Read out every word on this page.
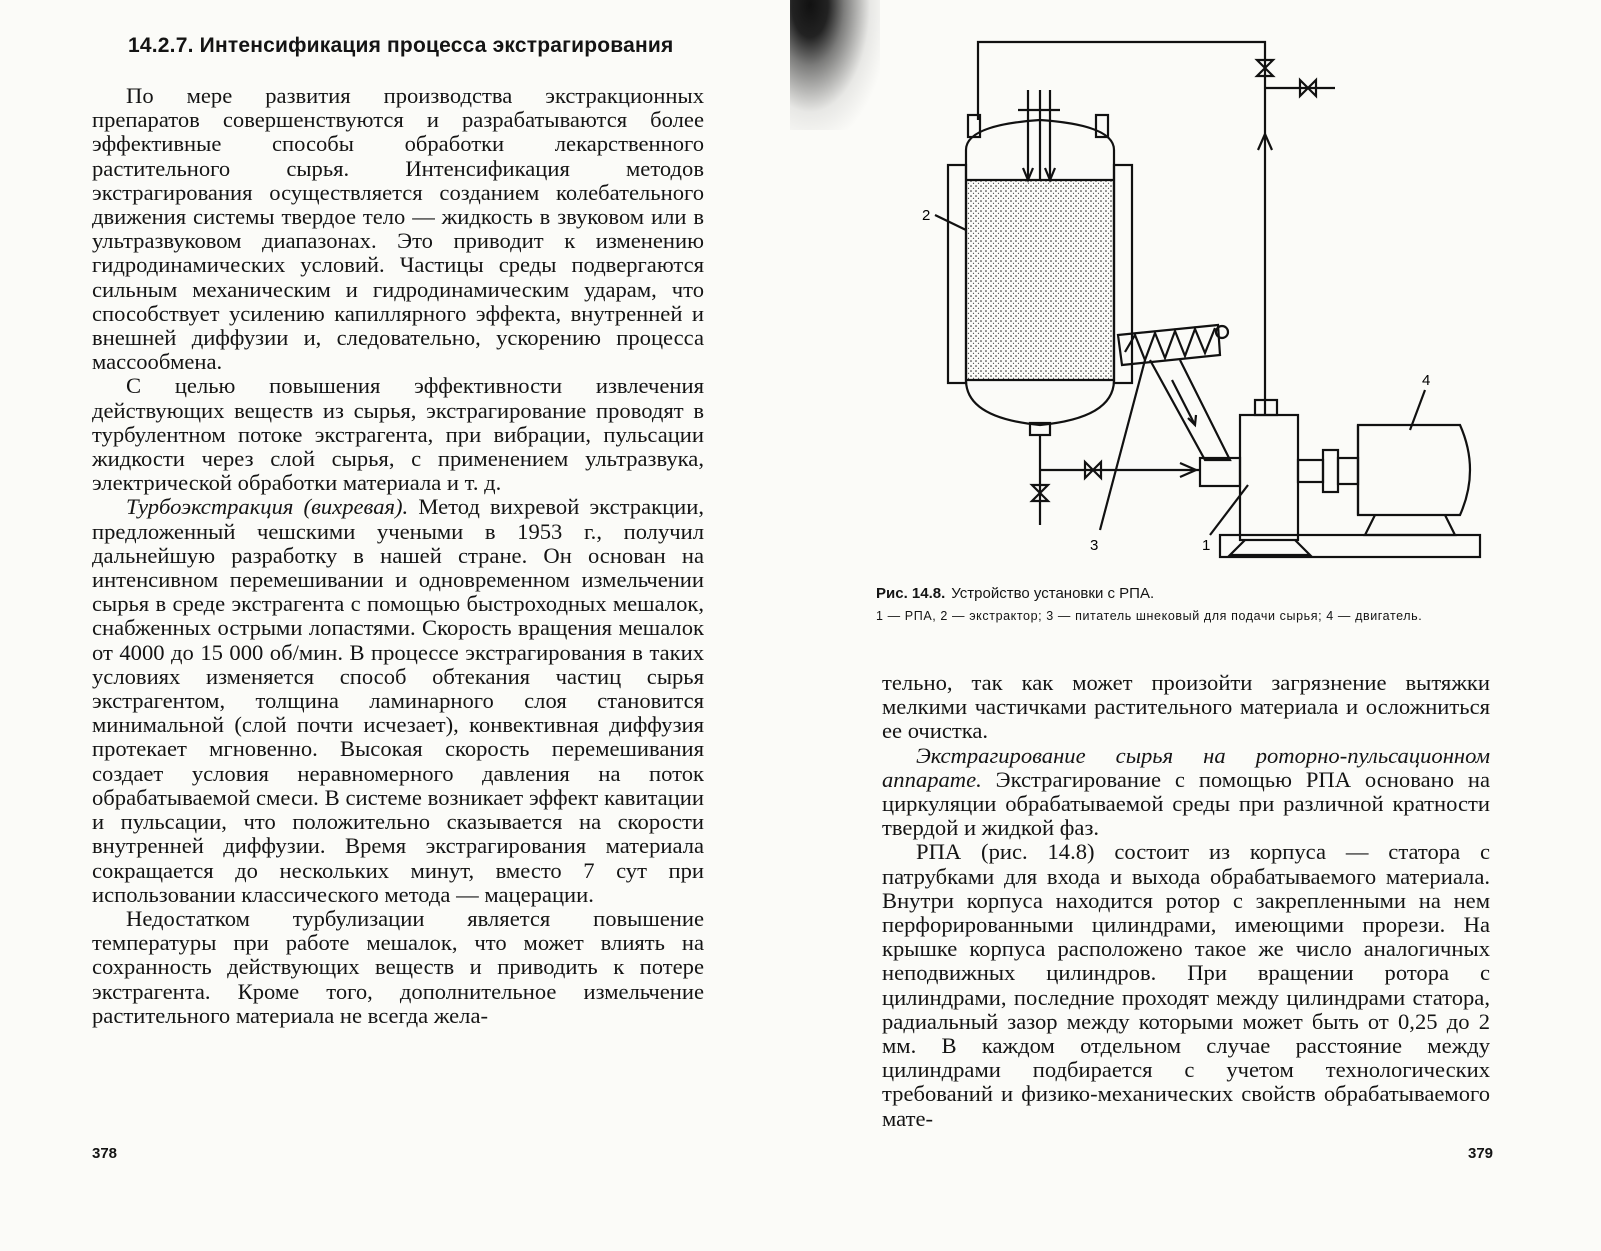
14.2.7. Интенсификация процесса экстрагирования

По мере развития производства экстракционных препаратов совершенствуются и разрабатываются более эффективные способы обработки лекарственного растительного сырья. Интенсификация методов экстрагирования осуществляется созданием колебательного движения системы твердое тело — жидкость в звуковом или в ультразвуковом диапазонах. Это приводит к изменению гидродинамических условий. Частицы среды подвергаются сильным механическим и гидродинамическим ударам, что способствует усилению капиллярного эффекта, внутренней и внешней диффузии и, следовательно, ускорению процесса массообмена.

С целью повышения эффективности извлечения действующих веществ из сырья, экстрагирование проводят в турбулентном потоке экстрагента, при вибрации, пульсации жидкости через слой сырья, с применением ультразвука, электрической обработки материала и т. д.

Турбоэкстракция (вихревая). Метод вихревой экстракции, предложенный чешскими учеными в 1953 г., получил дальнейшую разработку в нашей стране. Он основан на интенсивном перемешивании и одновременном измельчении сырья в среде экстрагента с помощью быстроходных мешалок, снабженных острыми лопастями. Скорость вращения мешалок от 4000 до 15 000 об/мин. В процессе экстрагирования в таких условиях изменяется способ обтекания частиц сырья экстрагентом, толщина ламинарного слоя становится минимальной (слой почти исчезает), конвективная диффузия протекает мгновенно. Высокая скорость перемешивания создает условия неравномерного давления на поток обрабатываемой смеси. В системе возникает эффект кавитации и пульсации, что положительно сказывается на скорости внутренней диффузии. Время экстрагирования материала сокращается до нескольких минут, вместо 7 сут при использовании классического метода — мацерации.

Недостатком турбулизации является повышение температуры при работе мешалок, что может влиять на сохранность действующих веществ и приводить к потере экстрагента. Кроме того, дополнительное измельчение растительного материала не всегда жела-

378
2
3	1
4
Рис. 14.8. Устройство установки с РПА.
1 — РПА, 2 — экстрактор; 3 — питатель шнековый для подачи сырья; 4 — двигатель.

тельно, так как может произойти загрязнение вытяжки мелкими частичками растительного материала и осложниться ее очистка.

Экстрагирование сырья на роторно-пульсационном аппарате. Экстрагирование с помощью РПА основано на циркуляции обрабатываемой среды при различной кратности твердой и жидкой фаз.

РПА (рис. 14.8) состоит из корпуса — статора с патрубками для входа и выхода обрабатываемого материала. Внутри корпуса находится ротор с закрепленными на нем перфорированными цилиндрами, имеющими прорези. На крышке корпуса расположено такое же число аналогичных неподвижных цилиндров. При вращении ротора с цилиндрами, последние проходят между цилиндрами статора, радиальный зазор между которыми может быть от 0,25 до 2 мм. В каждом отдельном случае расстояние между цилиндрами подбирается с учетом технологических требований и физико-механических свойств обрабатываемого мате-

379
